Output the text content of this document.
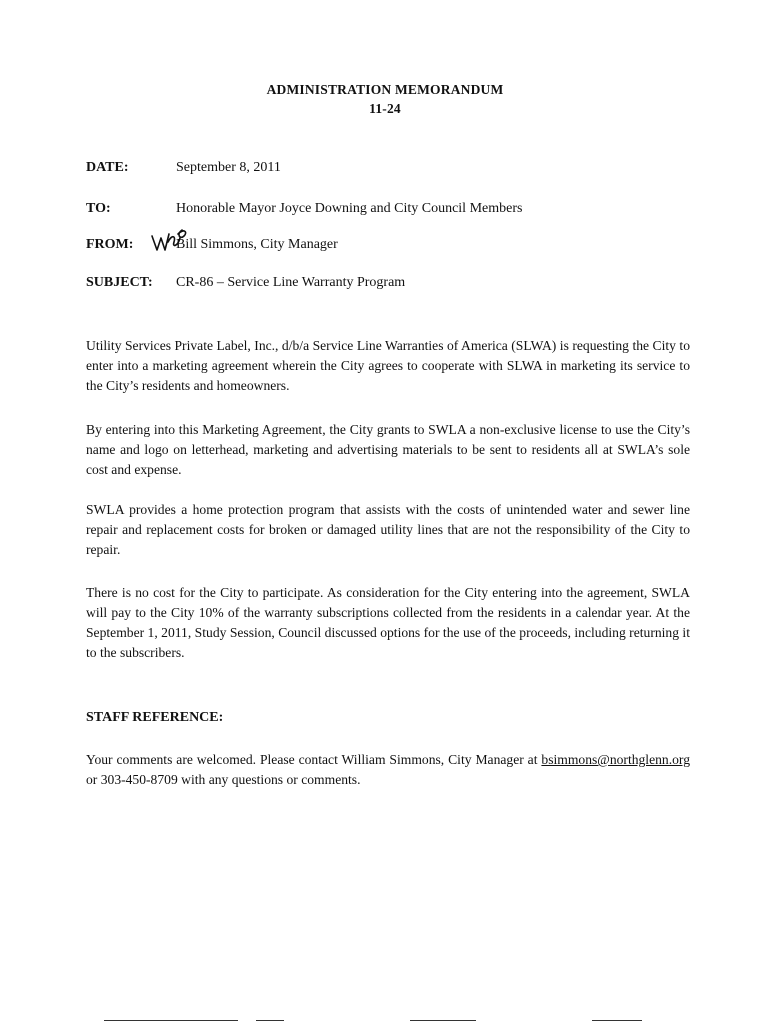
ADMINISTRATION MEMORANDUM
11-24
DATE:	September 8, 2011
TO:	Honorable Mayor Joyce Downing and City Council Members
FROM:	Bill Simmons, City Manager
SUBJECT: CR-86 – Service Line Warranty Program

Utility Services Private Label, Inc., d/b/a Service Line Warranties of America (SLWA) is requesting the City to enter into a marketing agreement wherein the City agrees to cooperate with SLWA in marketing its service to the City’s residents and homeowners.

By entering into this Marketing Agreement, the City grants to SWLA a non-exclusive license to use the City’s name and logo on letterhead, marketing and advertising materials to be sent to residents all at SWLA’s sole cost and expense.

SWLA provides a home protection program that assists with the costs of unintended water and sewer line repair and replacement costs for broken or damaged utility lines that are not the responsibility of the City to repair.

There is no cost for the City to participate. As consideration for the City entering into the agreement, SWLA will pay to the City 10% of the warranty subscriptions collected from the residents in a calendar year. At the September 1, 2011, Study Session, Council discussed options for the use of the proceeds, including returning it to the subscribers.

STAFF REFERENCE:

Your comments are welcomed. Please contact William Simmons, City Manager at bsimmons@northglenn.org or 303-450-8709 with any questions or comments.
